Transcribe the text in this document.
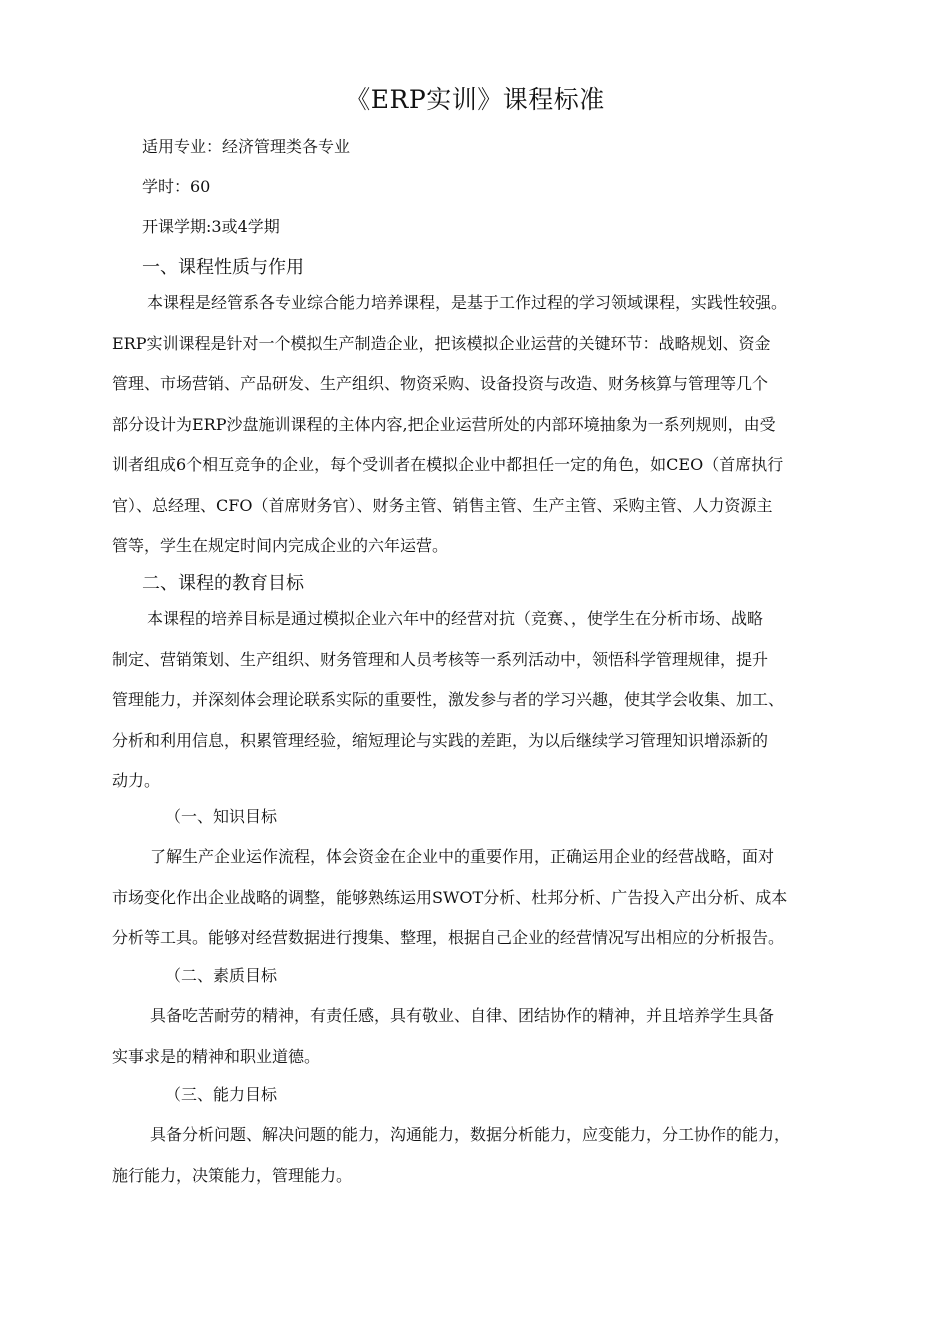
《ERP实训》课程标准
适用专业：经济管理类各专业
学时：60
开课学期:3或4学期
一、课程性质与作用
本课程是经管系各专业综合能力培养课程，是基于工作过程的学习领域课程，实践性较强。
ERP实训课程是针对一个模拟生产制造企业，把该模拟企业运营的关键环节：战略规划、资金
管理、市场营销、产品研发、生产组织、物资采购、设备投资与改造、财务核算与管理等几个
部分设计为ERP沙盘施训课程的主体内容,把企业运营所处的内部环境抽象为一系列规则，由受
训者组成6个相互竞争的企业，每个受训者在模拟企业中都担任一定的角色，如CEO（首席执行
官）、总经理、CFO（首席财务官）、财务主管、销售主管、生产主管、采购主管、人力资源主
管等，学生在规定时间内完成企业的六年运营。
二、课程的教育目标
本课程的培养目标是通过模拟企业六年中的经营对抗（竞赛、，使学生在分析市场、战略
制定、营销策划、生产组织、财务管理和人员考核等一系列活动中，领悟科学管理规律，提升
管理能力，并深刻体会理论联系实际的重要性，激发参与者的学习兴趣，使其学会收集、加工、
分析和利用信息，积累管理经验，缩短理论与实践的差距，为以后继续学习管理知识增添新的
动力。
（一、知识目标
了解生产企业运作流程，体会资金在企业中的重要作用，正确运用企业的经营战略，面对
市场变化作出企业战略的调整，能够熟练运用SWOT分析、杜邦分析、广告投入产出分析、成本
分析等工具。能够对经营数据进行搜集、整理，根据自己企业的经营情况写出相应的分析报告。
（二、素质目标
具备吃苦耐劳的精神，有责任感，具有敬业、自律、团结协作的精神，并且培养学生具备
实事求是的精神和职业道德。
（三、能力目标
具备分析问题、解决问题的能力，沟通能力，数据分析能力，应变能力，分工协作的能力，
施行能力，决策能力，管理能力。
